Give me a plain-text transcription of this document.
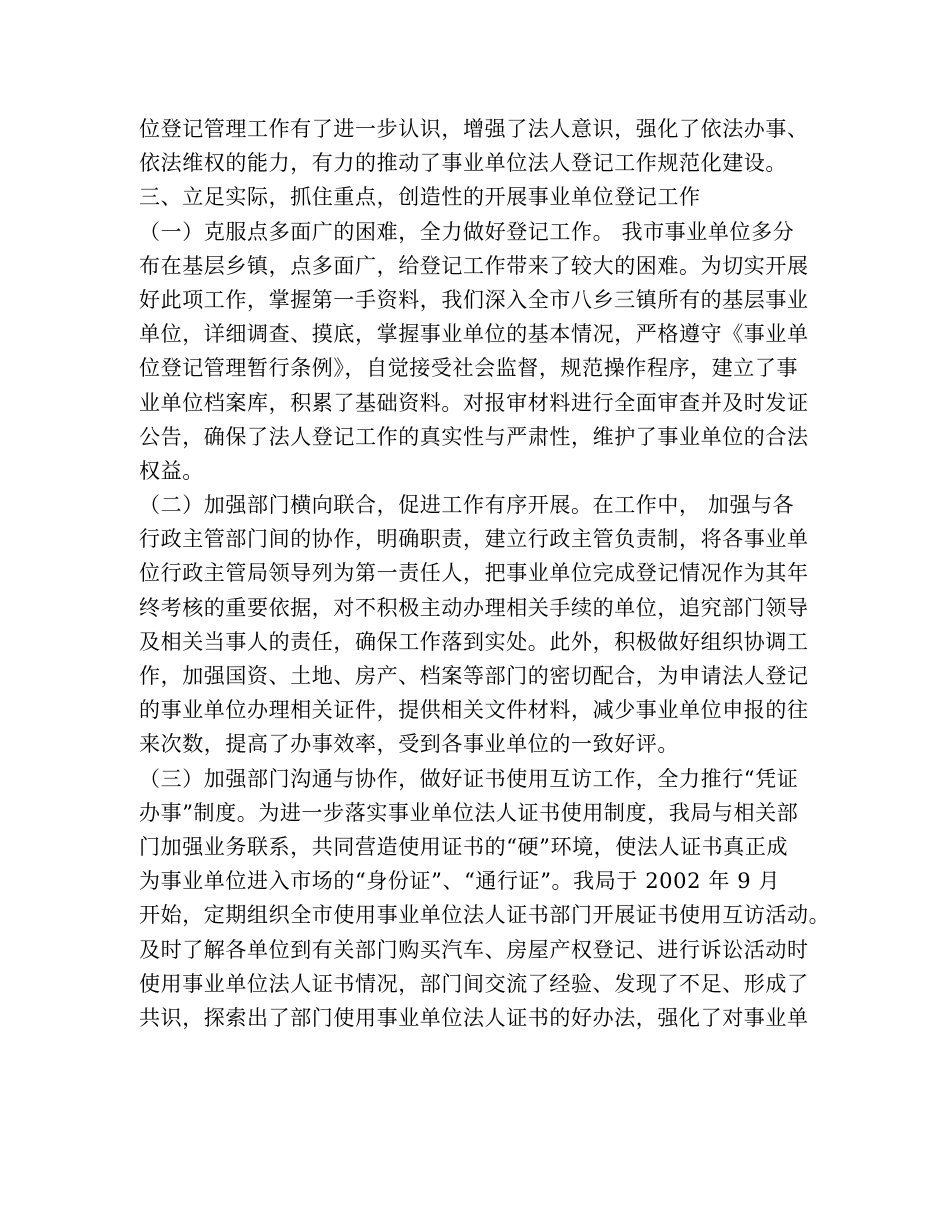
位登记管理工作有了进一步认识，增强了法人意识，强化了依法办事、
依法维权的能力，有力的推动了事业单位法人登记工作规范化建设。
三、立足实际，抓住重点，创造性的开展事业单位登记工作
（一）克服点多面广的困难，全力做好登记工作。 我市事业单位多分
布在基层乡镇，点多面广，给登记工作带来了较大的困难。为切实开展
好此项工作，掌握第一手资料，我们深入全市八乡三镇所有的基层事业
单位，详细调查、摸底，掌握事业单位的基本情况，严格遵守《事业单
位登记管理暂行条例》，自觉接受社会监督，规范操作程序，建立了事
业单位档案库，积累了基础资料。对报审材料进行全面审查并及时发证
公告，确保了法人登记工作的真实性与严肃性，维护了事业单位的合法
权益。
（二）加强部门横向联合，促进工作有序开展。在工作中， 加强与各
行政主管部门间的协作，明确职责，建立行政主管负责制，将各事业单
位行政主管局领导列为第一责任人，把事业单位完成登记情况作为其年
终考核的重要依据，对不积极主动办理相关手续的单位，追究部门领导
及相关当事人的责任，确保工作落到实处。此外，积极做好组织协调工
作，加强国资、土地、房产、档案等部门的密切配合，为申请法人登记
的事业单位办理相关证件，提供相关文件材料，减少事业单位申报的往
来次数，提高了办事效率，受到各事业单位的一致好评。
（三）加强部门沟通与协作，做好证书使用互访工作，全力推行“凭证
办事”制度。为进一步落实事业单位法人证书使用制度，我局与相关部
门加强业务联系，共同营造使用证书的“硬”环境，使法人证书真正成
为事业单位进入市场的“身份证”、“通行证”。我局于 2002 年 9 月
开始，定期组织全市使用事业单位法人证书部门开展证书使用互访活动。
及时了解各单位到有关部门购买汽车、房屋产权登记、进行诉讼活动时
使用事业单位法人证书情况，部门间交流了经验、发现了不足、形成了
共识，探索出了部门使用事业单位法人证书的好办法，强化了对事业单
